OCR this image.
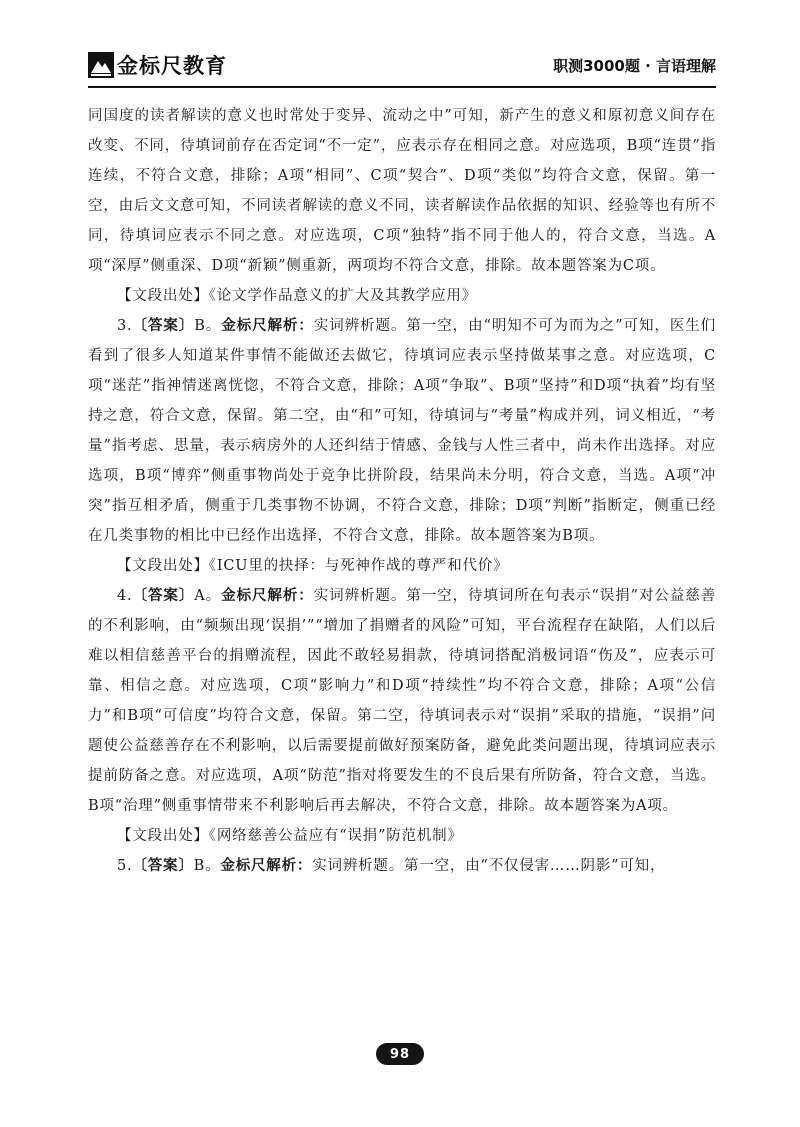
金标尺教育	职测3000题 · 言语理解

同国度的读者解读的意义也时常处于变异、流动之中”可知，新产生的意义和原初意义间存在改变、不同，待填词前存在否定词“不一定”，应表示存在相同之意。对应选项，B项“连贯”指连续，不符合文意，排除；A项“相同”、C项“契合”、D项“类似”均符合文意，保留。第一空，由后文文意可知，不同读者解读的意义不同，读者解读作品依据的知识、经验等也有所不同，待填词应表示不同之意。对应选项，C项“独特”指不同于他人的，符合文意，当选。A项“深厚”侧重深、D项“新颖”侧重新，两项均不符合文意，排除。故本题答案为C项。

【文段出处】《论文学作品意义的扩大及其教学应用》

3.〔答案〕B。金标尺解析：实词辨析题。第一空，由“明知不可为而为之”可知，医生们看到了很多人知道某件事情不能做还去做它，待填词应表示坚持做某事之意。对应选项，C项“迷茫”指神情迷离恍惚，不符合文意，排除；A项“争取”、B项“坚持”和D项“执着”均有坚持之意，符合文意，保留。第二空，由“和”可知，待填词与“考量”构成并列，词义相近，“考量”指考虑、思量，表示病房外的人还纠结于情感、金钱与人性三者中，尚未作出选择。对应选项，B项“博弈”侧重事物尚处于竞争比拼阶段，结果尚未分明，符合文意，当选。A项“冲突”指互相矛盾，侧重于几类事物不协调，不符合文意，排除；D项“判断”指断定，侧重已经在几类事物的相比中已经作出选择，不符合文意，排除。故本题答案为B项。

【文段出处】《ICU里的抉择：与死神作战的尊严和代价》

4.〔答案〕A。金标尺解析：实词辨析题。第一空，待填词所在句表示“误捐”对公益慈善的不利影响，由“频频出现‘误捐’”“增加了捐赠者的风险”可知，平台流程存在缺陷，人们以后难以相信慈善平台的捐赠流程，因此不敢轻易捐款，待填词搭配消极词语“伤及”，应表示可靠、相信之意。对应选项，C项“影响力”和D项“持续性”均不符合文意，排除；A项“公信力”和B项“可信度”均符合文意，保留。第二空，待填词表示对“误捐”采取的措施，“误捐”问题使公益慈善存在不利影响，以后需要提前做好预案防备，避免此类问题出现，待填词应表示提前防备之意。对应选项，A项“防范”指对将要发生的不良后果有所防备，符合文意，当选。B项“治理”侧重事情带来不利影响后再去解决，不符合文意，排除。故本题答案为A项。

【文段出处】《网络慈善公益应有“误捐”防范机制》

5.〔答案〕B。金标尺解析：实词辨析题。第一空，由“不仅侵害……阴影”可知，

98
